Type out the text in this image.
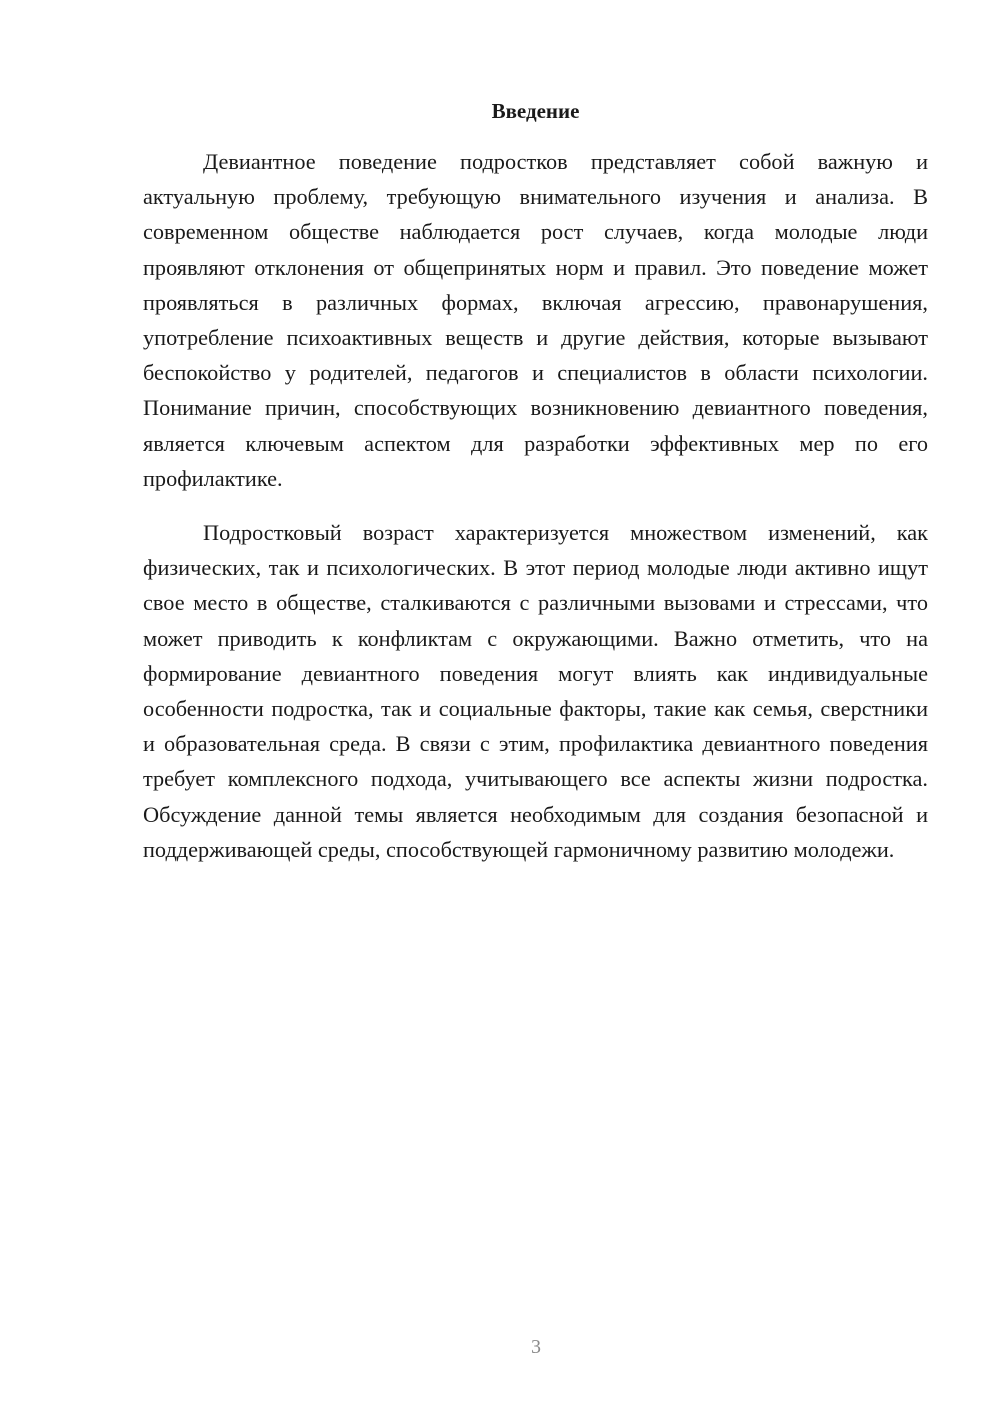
Введение

Девиантное поведение подростков представляет собой важную и актуальную проблему, требующую внимательного изучения и анализа. В современном обществе наблюдается рост случаев, когда молодые люди проявляют отклонения от общепринятых норм и правил. Это поведение может проявляться в различных формах, включая агрессию, правонарушения, употребление психоактивных веществ и другие действия, которые вызывают беспокойство у родителей, педагогов и специалистов в области психологии. Понимание причин, способствующих возникновению девиантного поведения, является ключевым аспектом для разработки эффективных мер по его профилактике.

Подростковый возраст характеризуется множеством изменений, как физических, так и психологических. В этот период молодые люди активно ищут свое место в обществе, сталкиваются с различными вызовами и стрессами, что может приводить к конфликтам с окружающими. Важно отметить, что на формирование девиантного поведения могут влиять как индивидуальные особенности подростка, так и социальные факторы, такие как семья, сверстники и образовательная среда. В связи с этим, профилактика девиантного поведения требует комплексного подхода, учитывающего все аспекты жизни подростка. Обсуждение данной темы является необходимым для создания безопасной и поддерживающей среды, способствующей гармоничному развитию молодежи.

3
